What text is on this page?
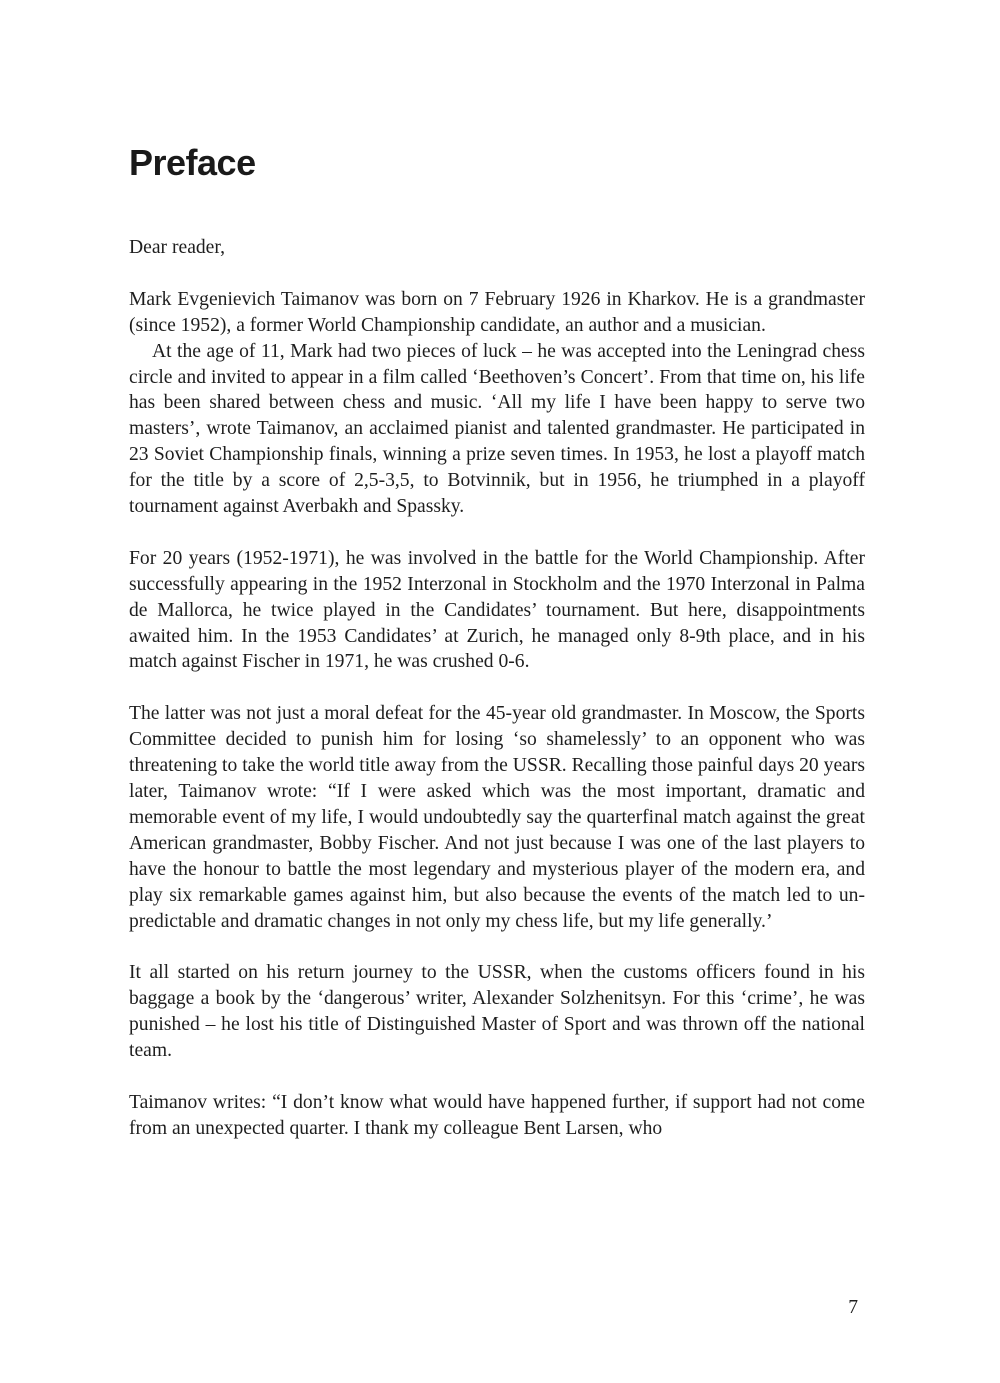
Preface

Dear reader,

Mark Evgenievich Taimanov was born on 7 February 1926 in Kharkov. He is a grandmaster (since 1952), a former World Championship candidate, an author and a musician.

At the age of 11, Mark had two pieces of luck – he was accepted into the Leningrad chess circle and invited to appear in a film called ‘Beethoven’s Concert’. From that time on, his life has been shared between chess and music. ‘All my life I have been happy to serve two masters’, wrote Taimanov, an acclaimed pianist and talented grandmaster. He participated in 23 Soviet Championship finals, winning a prize seven times. In 1953, he lost a playoff match for the title by a score of 2,5-3,5, to Botvinnik, but in 1956, he triumphed in a playoff tournament against Averbakh and Spassky.

For 20 years (1952-1971), he was involved in the battle for the World Championship. After successfully appearing in the 1952 Interzonal in Stockholm and the 1970 Interzonal in Palma de Mallorca, he twice played in the Candidates’ tournament. But here, disappointments awaited him. In the 1953 Candidates’ at Zurich, he managed only 8-9th place, and in his match against Fischer in 1971, he was crushed 0-6.

The latter was not just a moral defeat for the 45-year old grandmaster. In Moscow, the Sports Committee decided to punish him for losing ‘so shamelessly’ to an opponent who was threatening to take the world title away from the USSR. Recalling those painful days 20 years later, Taimanov wrote: “If I were asked which was the most important, dramatic and memorable event of my life, I would undoubtedly say the quarterfinal match against the great American grandmaster, Bobby Fischer. And not just because I was one of the last players to have the honour to battle the most legendary and mysterious player of the modern era, and play six remarkable games against him, but also because the events of the match led to unpredictable and dramatic changes in not only my chess life, but my life generally.’

It all started on his return journey to the USSR, when the customs officers found in his baggage a book by the ‘dangerous’ writer, Alexander Solzhenitsyn. For this ‘crime’, he was punished – he lost his title of Distinguished Master of Sport and was thrown off the national team.

Taimanov writes: “I don’t know what would have happened further, if support had not come from an unexpected quarter. I thank my colleague Bent Larsen, who

7
